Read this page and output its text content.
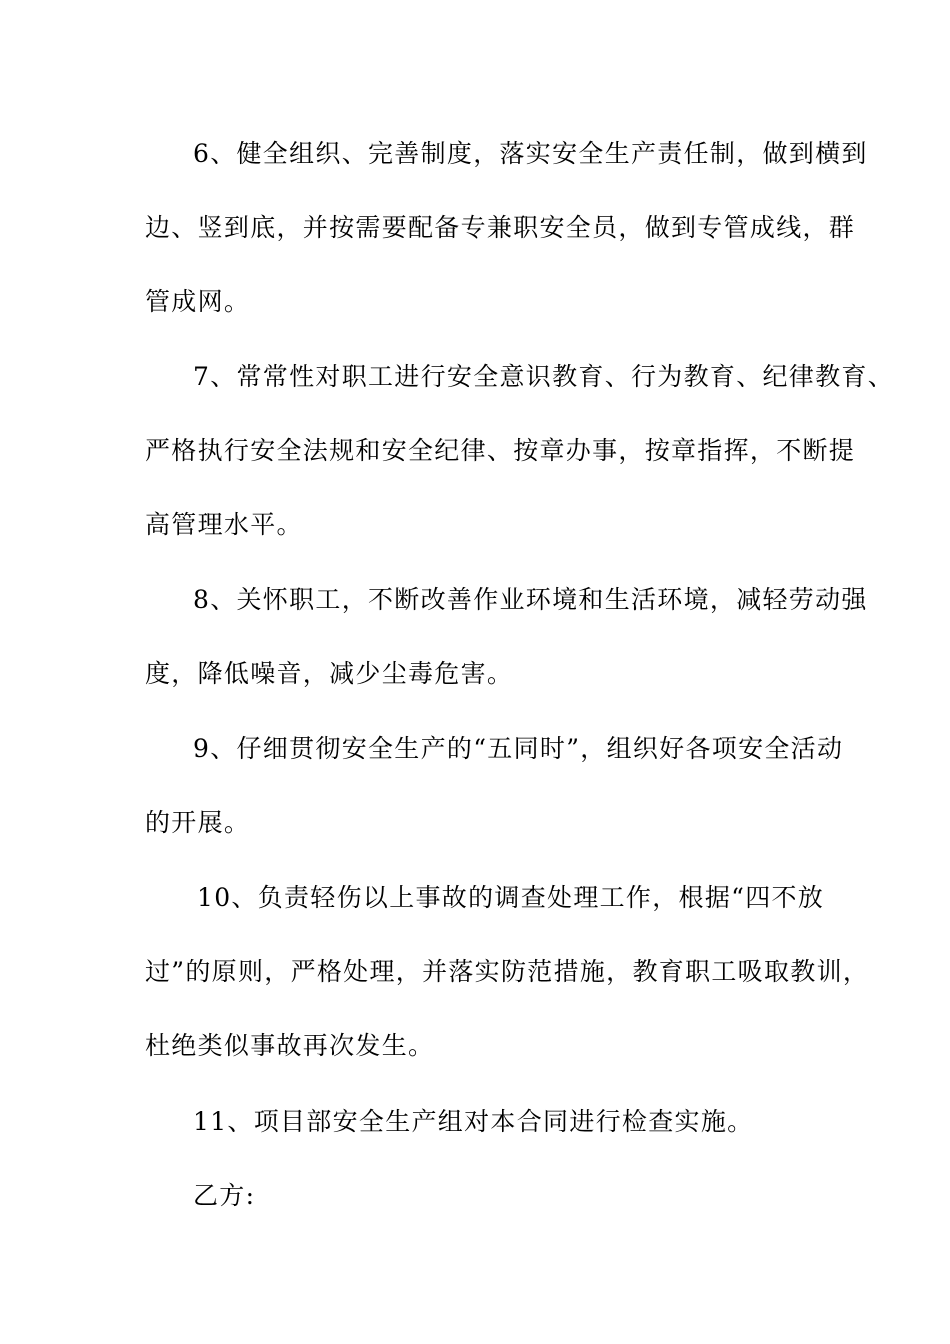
6、健全组织、完善制度，落实安全生产责任制，做到横到
边、竖到底，并按需要配备专兼职安全员，做到专管成线，群
管成网。
7、常常性对职工进行安全意识教育、行为教育、纪律教育、
严格执行安全法规和安全纪律、按章办事，按章指挥，不断提
高管理水平。
8、关怀职工，不断改善作业环境和生活环境，减轻劳动强
度，降低噪音，减少尘毒危害。
9、仔细贯彻安全生产的“五同时”，组织好各项安全活动
的开展。
10、负责轻伤以上事故的调查处理工作，根据“四不放
过”的原则，严格处理，并落实防范措施，教育职工吸取教训，
杜绝类似事故再次发生。
11、项目部安全生产组对本合同进行检查实施。
乙方:
